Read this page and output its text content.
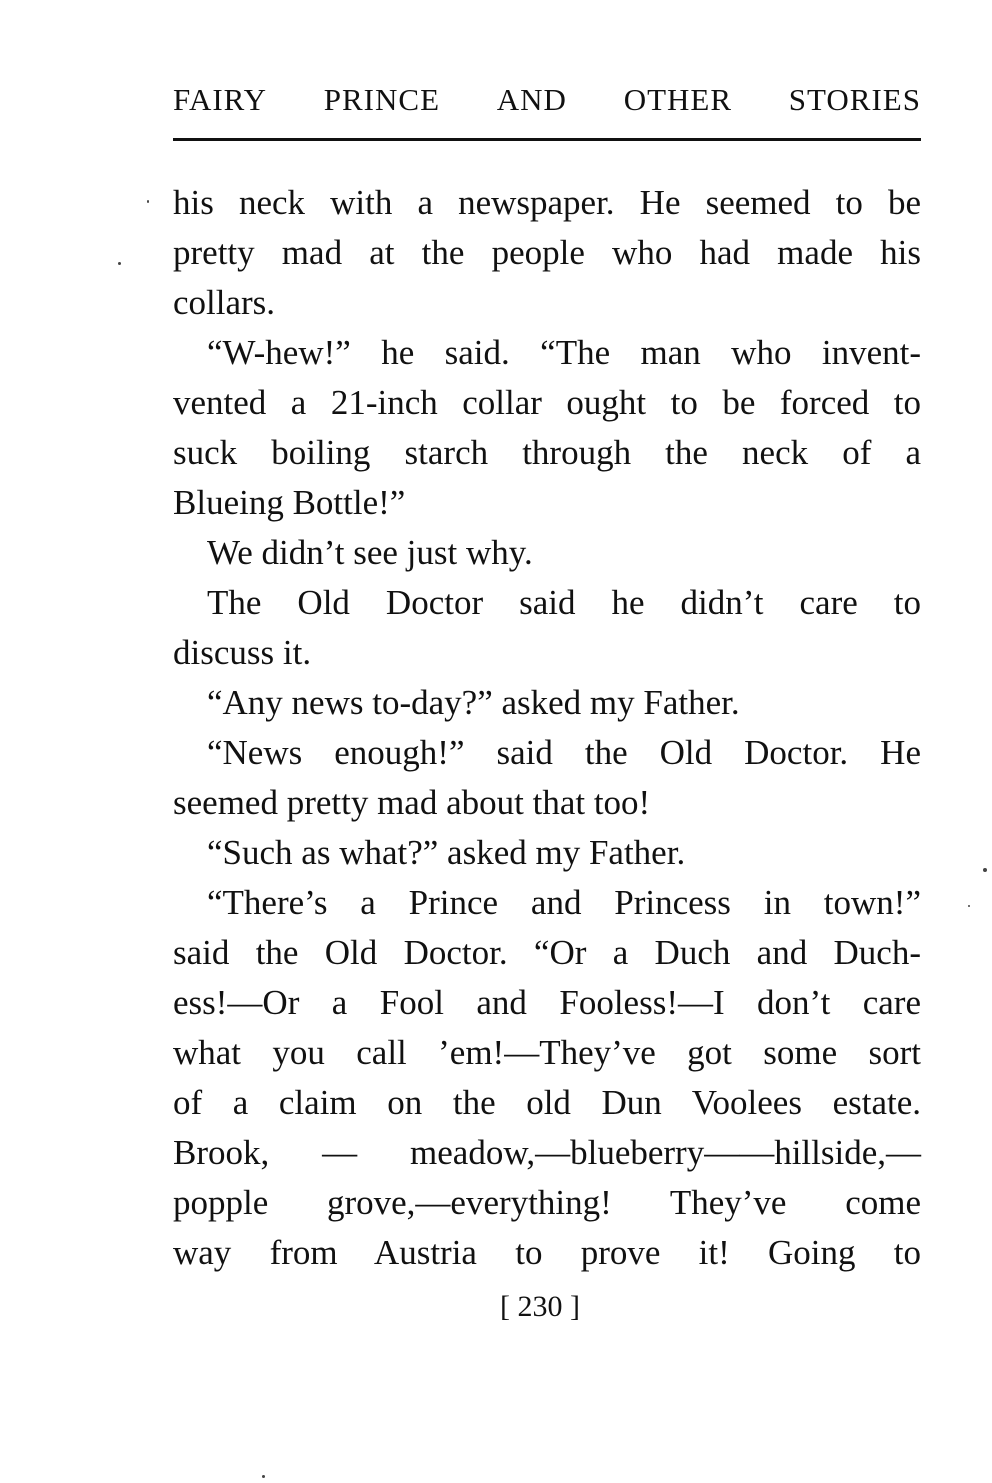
FAIRY PRINCE AND OTHER STORIES
his neck with a newspaper. He seemed to be
pretty mad at the people who had made his
collars.
“W-hew!” he said. “The man who invent-
vented a 21-inch collar ought to be forced to
suck boiling starch through the neck of a
Blueing Bottle!”
We didn’t see just why.
The Old Doctor said he didn’t care to
discuss it.
“Any news to-day?” asked my Father.
“News enough!” said the Old Doctor. He
seemed pretty mad about that too!
“Such as what?” asked my Father.
“There’s a Prince and Princess in town!”
said the Old Doctor. “Or a Duch and Duch-
ess!—Or a Fool and Fooless!—I don’t care
what you call ’em!—They’ve got some sort
of a claim on the old Dun Voolees estate.
Brook, — meadow,—blueberry——hillside,—
popple grove,—everything! They’ve come
way from Austria to prove it! Going to
[ 230 ]
